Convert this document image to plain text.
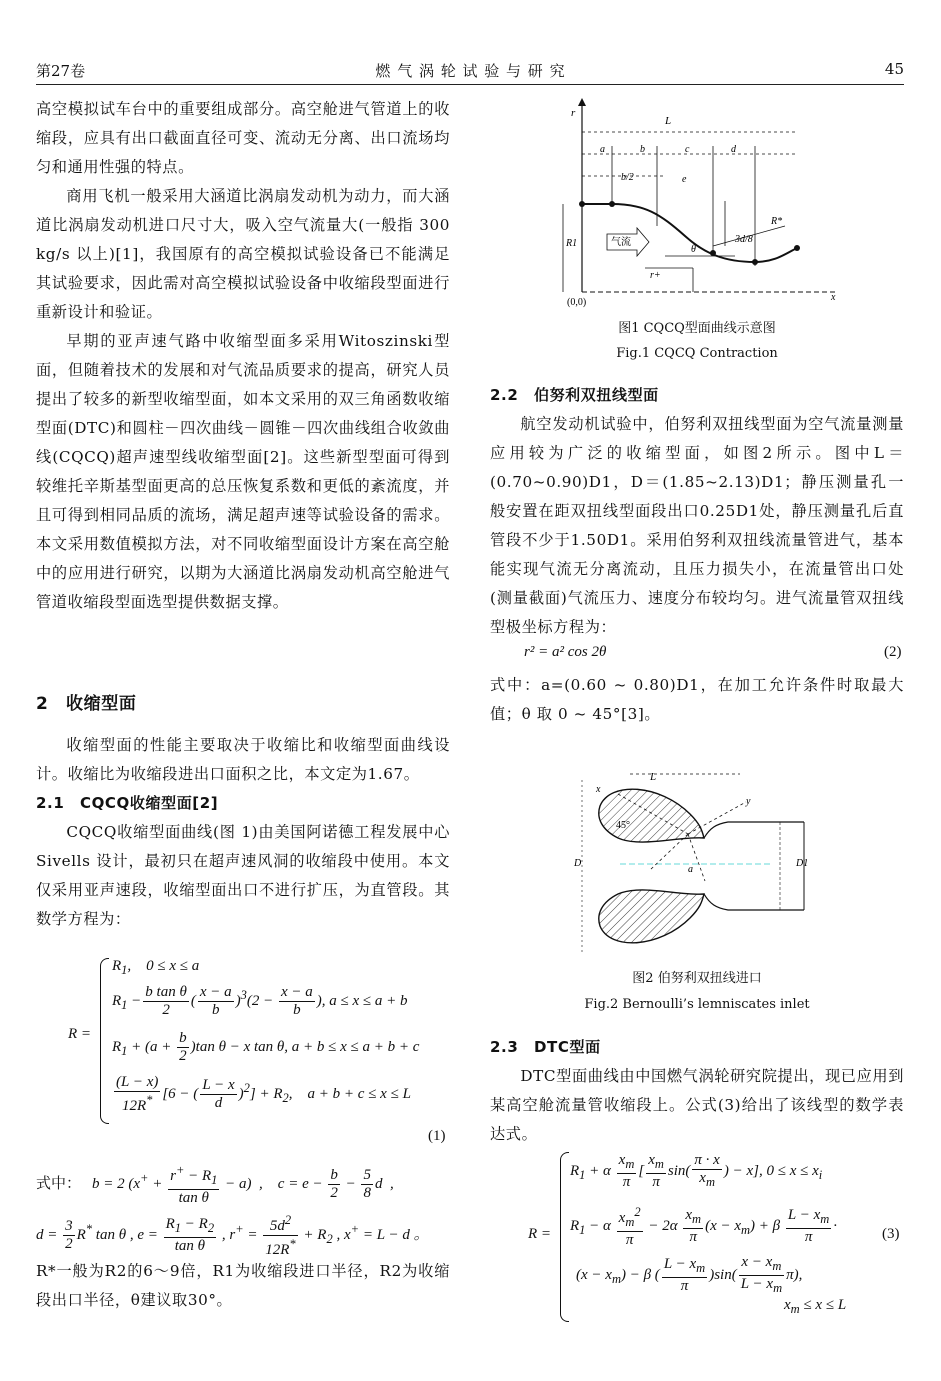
第27卷	燃 气 涡 轮 试 验 与 研 究	45

高空模拟试车台中的重要组成部分。高空舱进气管道上的收缩段，应具有出口截面直径可变、流动无分离、出口流场均匀和通用性强的特点。

商用飞机一般采用大涵道比涡扇发动机为动力，而大涵道比涡扇发动机进口尺寸大，吸入空气流量大(一般指 300 kg/s 以上)[1]，我国原有的高空模拟试验设备已不能满足其试验要求，因此需对高空模拟试验设备中收缩段型面进行重新设计和验证。

早期的亚声速气路中收缩型面多采用Witoszinski型面，但随着技术的发展和对气流品质要求的提高，研究人员提出了较多的新型收缩型面，如本文采用的双三角函数收缩型面(DTC)和圆柱－四次曲线－圆锥－四次曲线组合收敛曲线(CQCQ)超声速型线收缩型面[2]。这些新型型面可得到较维托辛斯基型面更高的总压恢复系数和更低的紊流度，并且可得到相同品质的流场，满足超声速等试验设备的需求。本文采用数值模拟方法，对不同收缩型面设计方案在高空舱中的应用进行研究，以期为大涵道比涡扇发动机高空舱进气管道收缩段型面选型提供数据支撑。

2　收缩型面

收缩型面的性能主要取决于收缩比和收缩型面曲线设计。收缩比为收缩段进出口面积之比，本文定为1.67。

2.1　CQCQ收缩型面[2]

CQCQ收缩型面曲线(图 1)由美国阿诺德工程发展中心 Sivells 设计，最初只在超声速风洞的收缩段中使用。本文仅采用亚声速段，收缩型面出口不进行扩压，为直管段。其数学方程为：

R =
$R_1$,    0 ≤ x ≤ a
$R_1 - \frac{\text{b tan θ}}{2}$ ( $\frac{x - a}{b} )^3(2 - \frac{x - a}{b}$ ), a ≤ x ≤ a + b
$R_1 + (a + \frac{b}{2} )\tan$ θ − x tan θ, a + b ≤ x ≤ a + b + c
$\frac{(L - x)}{12R^*} [6$ − ( $\frac{L - x}{d} )^2] + R_2$,    a + b + c ≤ x ≤ L
(1)
式中： b = 2 $(x^+ + \frac{r^+ - R_1}{\text{tan θ}} - a)$  ,    $c = e - \frac{b}{2} - \frac{5}{8}$ d  ,
$d = \frac{3}{2} R^*$ tan θ , $e = \frac{R_1 - R_2}{\text{tan θ}}$ , $r^+ = \frac{5d^2}{12R^*} + R_2$ , x+ = L − d 。
R*一般为R2的6～9倍，R1为收缩段进口半径，R2为收缩段出口半径，θ建议取30°。
r
L
a	b	c	d
b/2	e
R1	气流
θ
3d/8
R*
r+
(0,0)	x
图1 CQCQ型面曲线示意图
Fig.1 CQCQ Contraction
2.2　伯努利双扭线型面

航空发动机试验中，伯努利双扭线型面为空气流量测量应用较为广泛的收缩型面，如图2所示。图中L＝(0.70~0.90)D1，D＝(1.85~2.13)D1；静压测量孔一般安置在距双扭线型面段出口0.25D1处，静压测量孔后直管段不少于1.50D1。采用伯努利双扭线流量管进气，基本能实现气流无分离流动，且压力损失小，在流量管出口处(测量截面)气流压力、速度分布较均匀。进气流量管双扭线型极坐标方程为：

r² = a² cos 2θ	(2)
式中：a=(0.60 ~ 0.80)D1，在加工允许条件时取最大值；θ 取 0 ~ 45°[3]。
x
L
y
45°
D
a
D1
图2 伯努利双扭线进口
Fig.2 Bernoulli’s lemniscates inlet
2.3　DTC型面

DTC型面曲线由中国燃气涡轮研究院提出，现已应用到某高空舱流量管收缩段上。公式(3)给出了该线型的数学表达式。

R =
$R_1 + \alpha \frac{x_m}{\pi}$ [ $\frac{x_m}{\pi} \sin( \frac{\pi \cdot x}{x_m}$ ) − x], $0 \le x \le x_i$
$R_1 - \alpha \frac{x_m^2}{\pi} - 2\alpha \frac{x_m}{\pi} (x - x_m) + \beta \frac{L - x_m}{\pi}$ ·
$(x - x_m) - \beta$ ( $\frac{L - x_m}{\pi} )\sin( \frac{x - x_m}{L - x_m} \pi)$,
$x_m \le x \le L$
(3)
